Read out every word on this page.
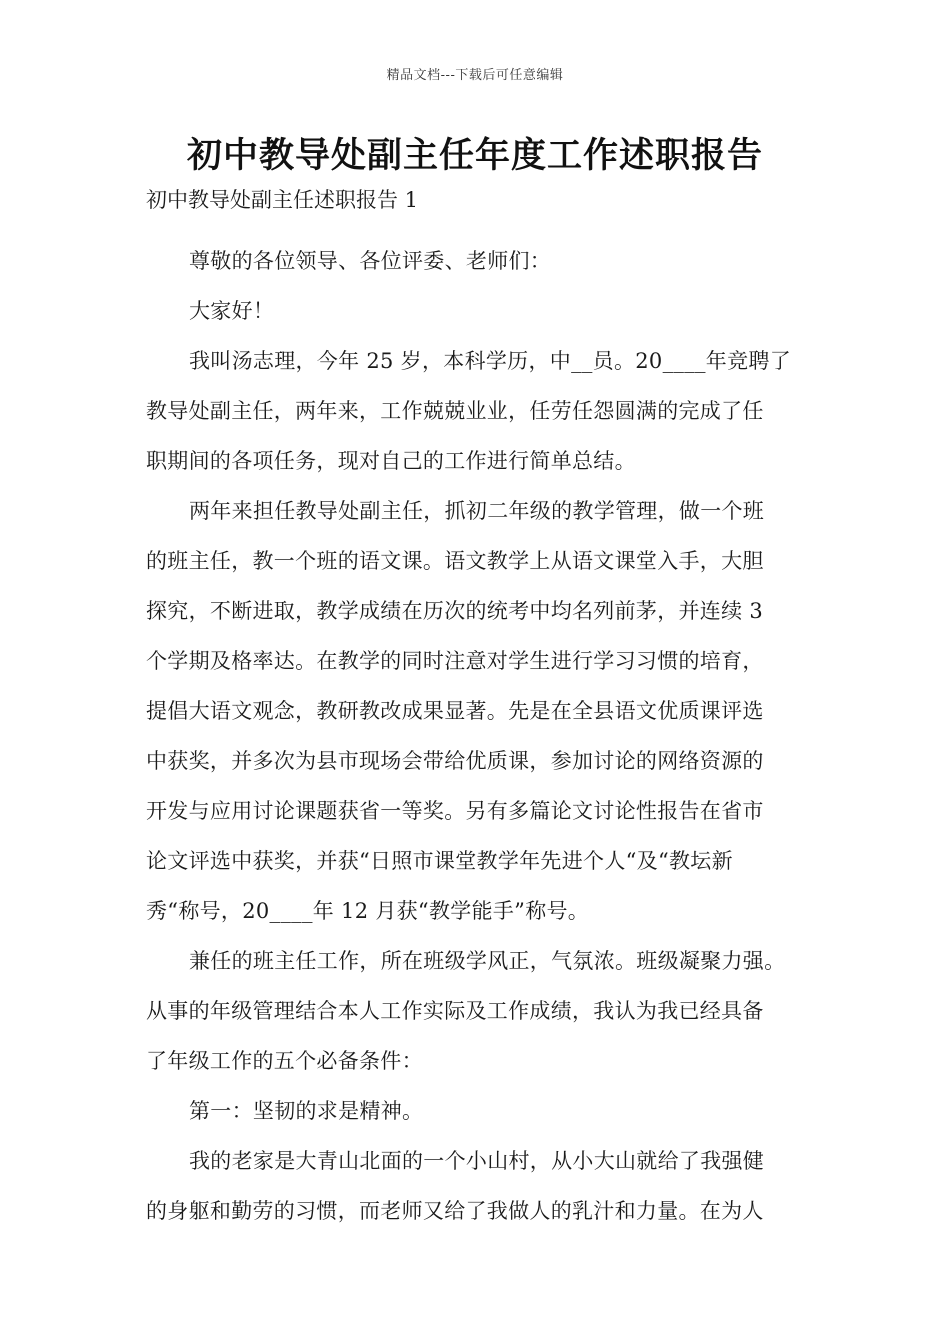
精品文档---下载后可任意编辑
初中教导处副主任年度工作述职报告

初中教导处副主任述职报告 1

尊敬的各位领导、各位评委、老师们：
大家好！
我叫汤志理，今年 25 岁，本科学历，中__员。20____年竞聘了
教导处副主任，两年来，工作兢兢业业，任劳任怨圆满的完成了任
职期间的各项任务，现对自己的工作进行简单总结。
两年来担任教导处副主任，抓初二年级的教学管理，做一个班
的班主任，教一个班的语文课。语文教学上从语文课堂入手，大胆
探究，不断进取，教学成绩在历次的统考中均名列前茅，并连续 3
个学期及格率达。在教学的同时注意对学生进行学习习惯的培育，
提倡大语文观念，教研教改成果显著。先是在全县语文优质课评选
中获奖，并多次为县市现场会带给优质课，参加讨论的网络资源的
开发与应用讨论课题获省一等奖。另有多篇论文讨论性报告在省市
论文评选中获奖，并获“日照市课堂教学年先进个人“及“教坛新
秀“称号，20____年 12 月获“教学能手”称号。
兼任的班主任工作，所在班级学风正，气氛浓。班级凝聚力强。
从事的年级管理结合本人工作实际及工作成绩，我认为我已经具备
了年级工作的五个必备条件：
第一：坚韧的求是精神。
我的老家是大青山北面的一个小山村，从小大山就给了我强健
的身躯和勤劳的习惯，而老师又给了我做人的乳汁和力量。在为人
